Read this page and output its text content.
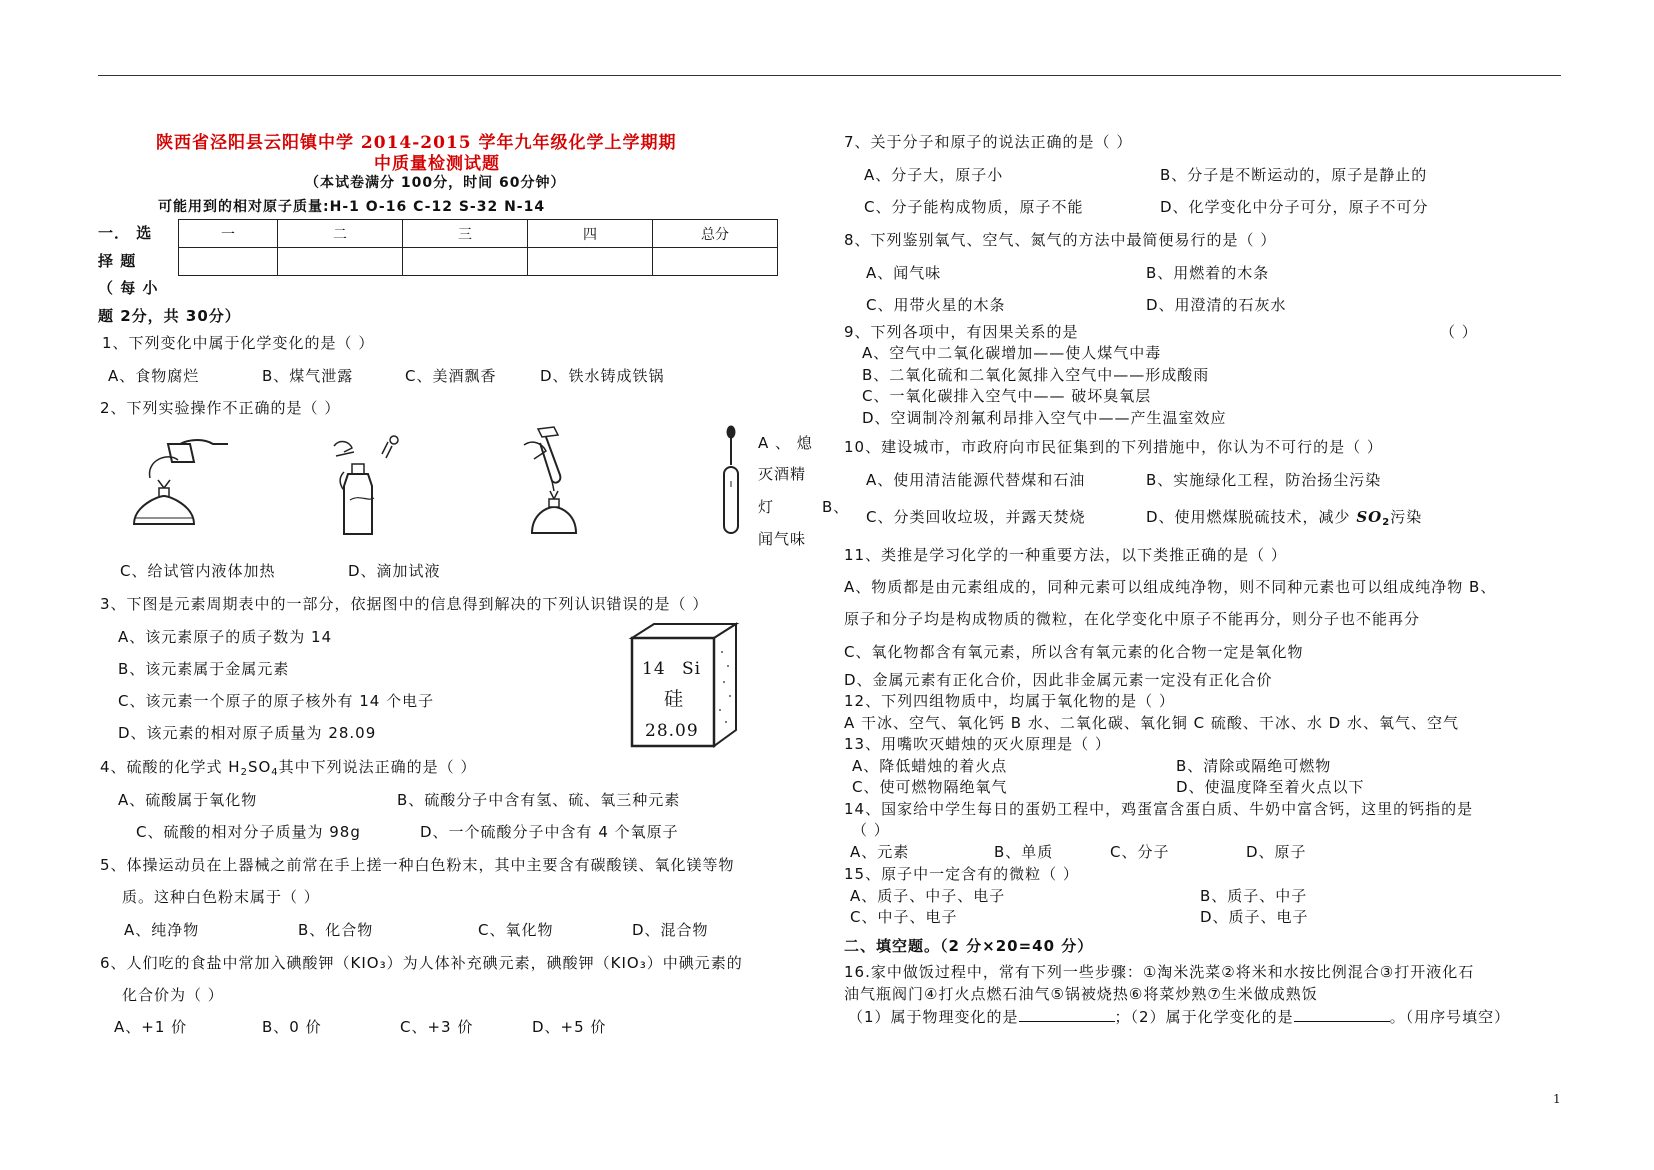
陕西省泾阳县云阳镇中学 2014-2015 学年九年级化学上学期期
中质量检测试题
（本试卷满分 100分，时间 60分钟）
可能用到的相对原子质量:H-1 O-16 C-12 S-32 N-14
一． 选
择 题
（ 每 小
题 2分，共 30分）
一	二	三	四	总分

1、下列变化中属于化学变化的是（ ）
A、食物腐烂	B、煤气泄露	C、美酒飘香	D、铁水铸成铁锅
2、下列实验操作不正确的是（ ）
A 、 熄
灭酒精
灯	B、
闻气味
C、给试管内液体加热	D、滴加试液
3、下图是元素周期表中的一部分，依据图中的信息得到解决的下列认识错误的是（ ）
A、该元素原子的质子数为 14
B、该元素属于金属元素
C、该元素一个原子的原子核外有 14 个电子
D、该元素的相对原子质量为 28.09
14 Si
硅
28.09
4、硫酸的化学式 $H_2SO_4$其中下列说法正确的是（ ）
A、硫酸属于氧化物	B、硫酸分子中含有氢、硫、氧三种元素
C、硫酸的相对分子质量为 98g	D、一个硫酸分子中含有 4 个氧原子
5、体操运动员在上器械之前常在手上搓一种白色粉末，其中主要含有碳酸镁、氧化镁等物
质。这种白色粉末属于（ ）
A、纯净物	B、化合物	C、氧化物	D、混合物
6、人们吃的食盐中常加入碘酸钾（KIO₃）为人体补充碘元素，碘酸钾（KIO₃）中碘元素的
化合价为（ ）
A、+1 价	B、0 价	C、+3 价	D、+5 价
7、关于分子和原子的说法正确的是（ ）
A、分子大，原子小	B、分子是不断运动的，原子是静止的
C、分子能构成物质，原子不能	D、化学变化中分子可分，原子不可分
8、下列鉴别氧气、空气、氮气的方法中最简便易行的是（ ）
A、闻气味	B、用燃着的木条
C、用带火星的木条	D、用澄清的石灰水
9、下列各项中，有因果关系的是	（ ）
A、空气中二氧化碳增加——使人煤气中毒
B、二氧化硫和二氧化氮排入空气中——形成酸雨
C、一氧化碳排入空气中—— 破坏臭氧层
D、空调制冷剂氟利昂排入空气中——产生温室效应
10、建设城市，市政府向市民征集到的下列措施中，你认为不可行的是（ ）
A、使用清洁能源代替煤和石油	B、实施绿化工程，防治扬尘污染
C、分类回收垃圾，并露天焚烧	D、使用燃煤脱硫技术，减少 $SO_2$污染
11、类推是学习化学的一种重要方法，以下类推正确的是（ ）
A、物质都是由元素组成的，同种元素可以组成纯净物，则不同种元素也可以组成纯净物 B、
原子和分子均是构成物质的微粒，在化学变化中原子不能再分，则分子也不能再分
C、氧化物都含有氧元素，所以含有氧元素的化合物一定是氧化物
D、金属元素有正化合价，因此非金属元素一定没有正化合价
12、下列四组物质中，均属于氧化物的是（ ）
A 干冰、空气、氧化钙 B 水、二氧化碳、氧化铜 C 硫酸、干冰、水 D 水、氧气、空气
13、用嘴吹灭蜡烛的灭火原理是（ ）
A、降低蜡烛的着火点	B、清除或隔绝可燃物
C、使可燃物隔绝氧气	D、使温度降至着火点以下
14、国家给中学生每日的蛋奶工程中，鸡蛋富含蛋白质、牛奶中富含钙，这里的钙指的是
（ ）
A、元素	B、单质	C、分子	D、原子
15、原子中一定含有的微粒（ ）
A、质子、中子、电子	B、质子、中子
C、中子、电子	D、质子、电子
二、填空题。（2 分×20=40 分）
16.家中做饭过程中，常有下列一些步骤：①淘米洗菜②将米和水按比例混合③打开液化石
油气瓶阀门④打火点燃石油气⑤锅被烧热⑥将菜炒熟⑦生米做成熟饭
（1）属于物理变化的是	；（2）属于化学变化的是	。（用序号填空）
1
